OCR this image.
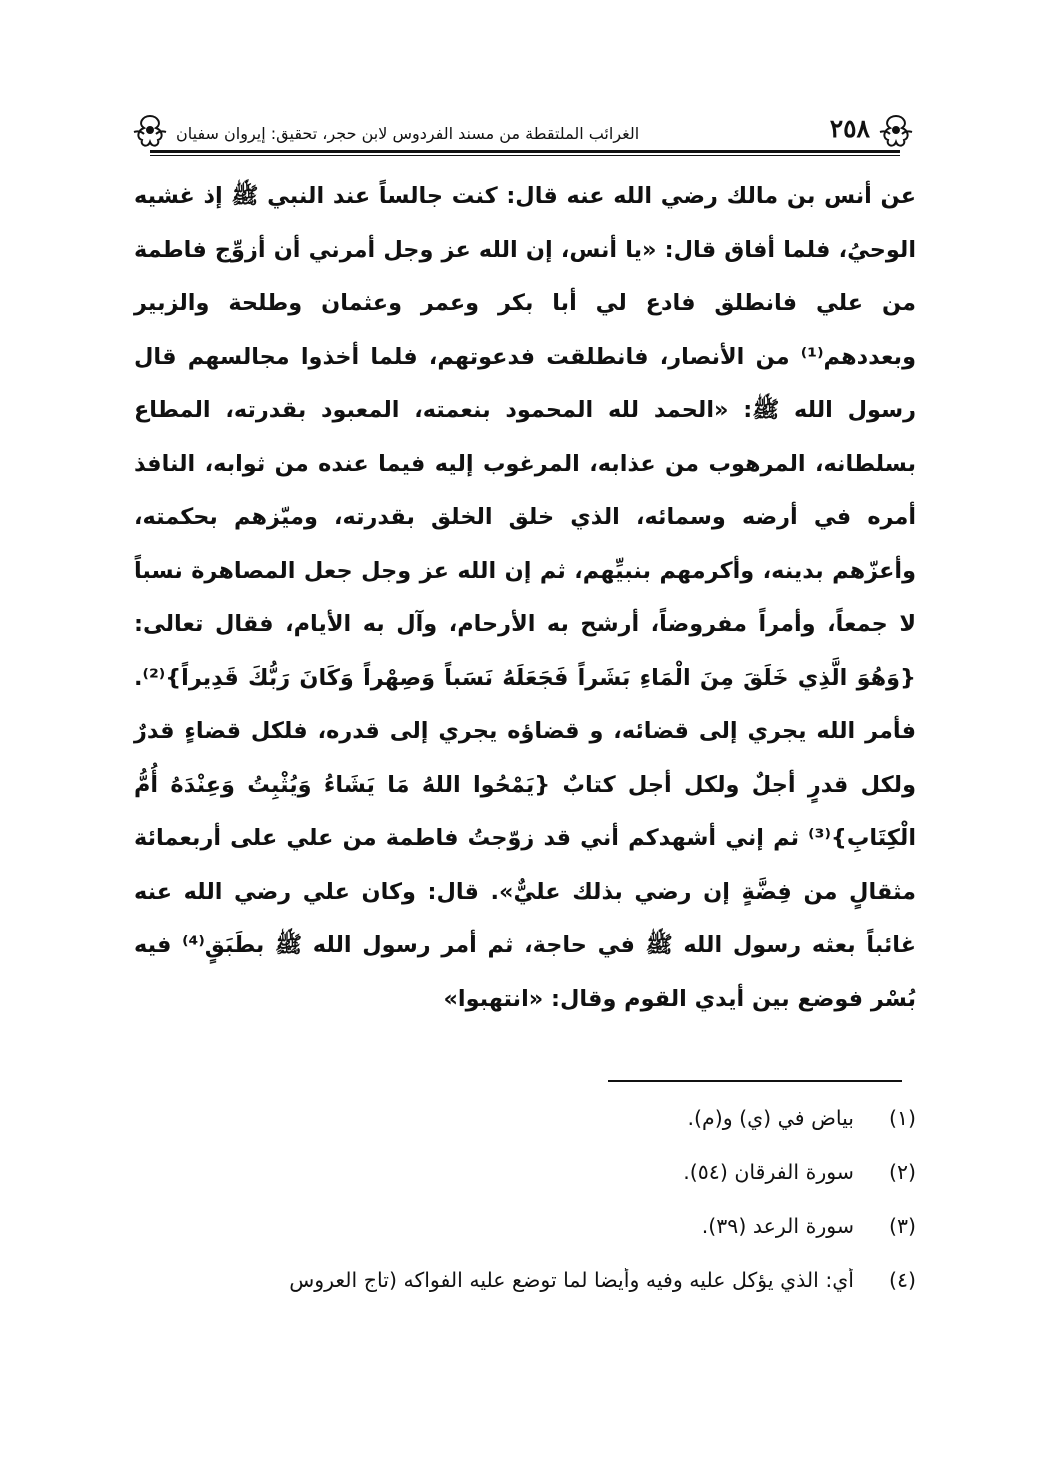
٢٥٨
الغرائب الملتقطة من مسند الفردوس لابن حجر، تحقيق: إيروان سفيان

عن أنس بن مالك رضي الله عنه قال: كنت جالساً عند النبي ﷺ إذ غشيه الوحيُ، فلما أفاق قال: «يا أنس، إن الله عز وجل أمرني أن أزوِّج فاطمة من علي فانطلق فادع لي أبا بكر وعمر وعثمان وطلحة والزبير وبعددهم⁽¹⁾ من الأنصار، فانطلقت فدعوتهم، فلما أخذوا مجالسهم قال رسول الله ﷺ: «الحمد لله المحمود بنعمته، المعبود بقدرته، المطاع بسلطانه، المرهوب من عذابه، المرغوب إليه فيما عنده من ثوابه، النافذ أمره في أرضه وسمائه، الذي خلق الخلق بقدرته، وميّزهم بحكمته، وأعزّهم بدينه، وأكرمهم بنبيِّهم، ثم إن الله عز وجل جعل المصاهرة نسباً لا جمعاً، وأمراً مفروضاً، أرشح به الأرحام، وآل به الأيام، فقال تعالى: {وَهُوَ الَّذِي خَلَقَ مِنَ الْمَاءِ بَشَراً فَجَعَلَهُ نَسَباً وَصِهْراً وَكَانَ رَبُّكَ قَدِيراً}⁽²⁾. فأمر الله يجري إلى قضائه، و قضاؤه يجري إلى قدره، فلكل قضاءٍ قدرٌ ولكل قدرٍ أجلٌ ولكل أجل كتابٌ {يَمْحُوا اللهُ مَا يَشَاءُ وَيُثْبِتُ وَعِنْدَهُ أُمُّ الْكِتَابِ}⁽³⁾ ثم إني أشهدكم أني قد زوّجتُ فاطمة من علي على أربعمائة مثقالٍ من فِضَّةٍ إن رضي بذلك عليٌّ». قال: وكان علي رضي الله عنه غائباً بعثه رسول الله ﷺ في حاجة، ثم أمر رسول الله ﷺ بطَبَقٍ⁽⁴⁾ فيه بُسْر فوضع بين أيدي القوم وقال: «انتهبوا»

(١)
بياض في (ي) و(م).
(٢)
سورة الفرقان (٥٤).
(٣)
سورة الرعد (٣٩).
(٤)
أي: الذي يؤكل عليه وفيه وأيضا لما توضع عليه الفواكه (تاج العروس
